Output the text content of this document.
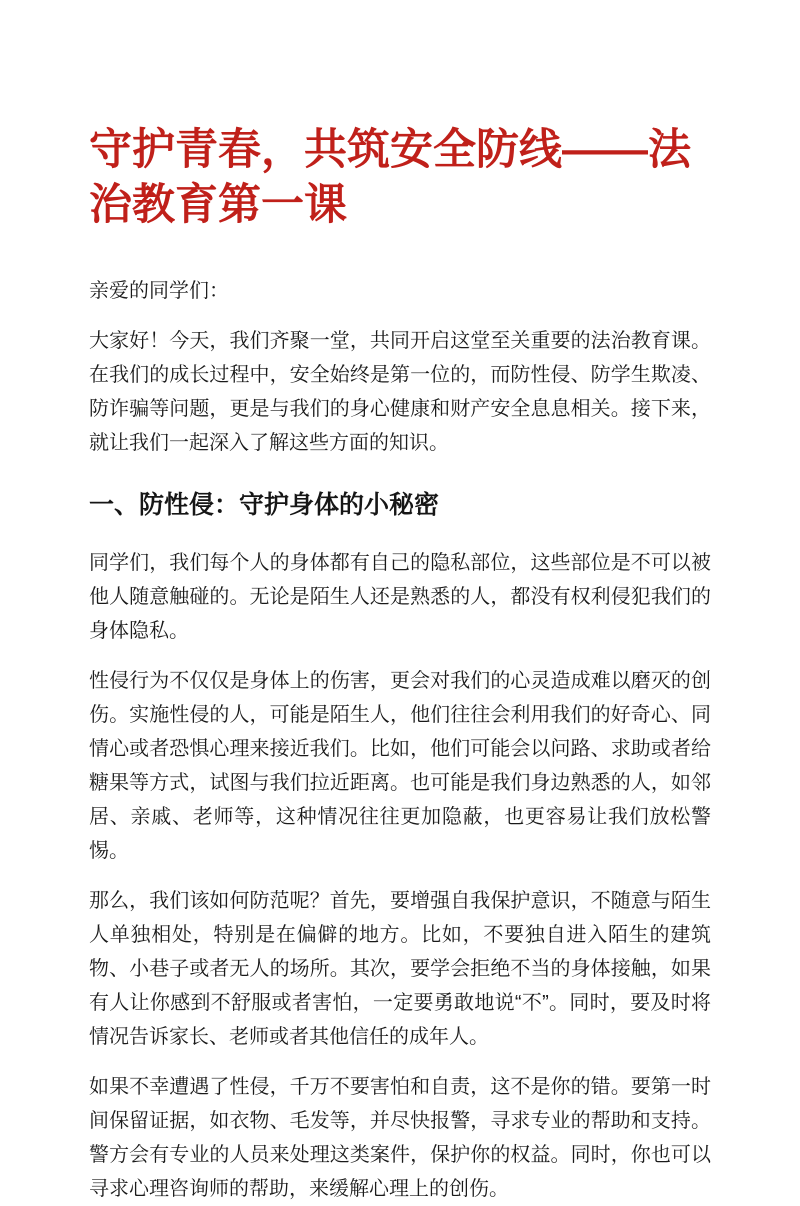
守护青春，共筑安全防线——法治教育第一课

亲爱的同学们：

大家好！今天，我们齐聚一堂，共同开启这堂至关重要的法治教育课。在我们的成长过程中，安全始终是第一位的，而防性侵、防学生欺凌、防诈骗等问题，更是与我们的身心健康和财产安全息息相关。接下来，就让我们一起深入了解这些方面的知识。

一、防性侵：守护身体的小秘密

同学们，我们每个人的身体都有自己的隐私部位，这些部位是不可以被他人随意触碰的。无论是陌生人还是熟悉的人，都没有权利侵犯我们的身体隐私。

性侵行为不仅仅是身体上的伤害，更会对我们的心灵造成难以磨灭的创伤。实施性侵的人，可能是陌生人，他们往往会利用我们的好奇心、同情心或者恐惧心理来接近我们。比如，他们可能会以问路、求助或者给糖果等方式，试图与我们拉近距离。也可能是我们身边熟悉的人，如邻居、亲戚、老师等，这种情况往往更加隐蔽，也更容易让我们放松警惕。

那么，我们该如何防范呢？首先，要增强自我保护意识，不随意与陌生人单独相处，特别是在偏僻的地方。比如，不要独自进入陌生的建筑物、小巷子或者无人的场所。其次，要学会拒绝不当的身体接触，如果有人让你感到不舒服或者害怕，一定要勇敢地说“不”。同时，要及时将情况告诉家长、老师或者其他信任的成年人。

如果不幸遭遇了性侵，千万不要害怕和自责，这不是你的错。要第一时间保留证据，如衣物、毛发等，并尽快报警，寻求专业的帮助和支持。警方会有专业的人员来处理这类案件，保护你的权益。同时，你也可以寻求心理咨询师的帮助，来缓解心理上的创伤。
